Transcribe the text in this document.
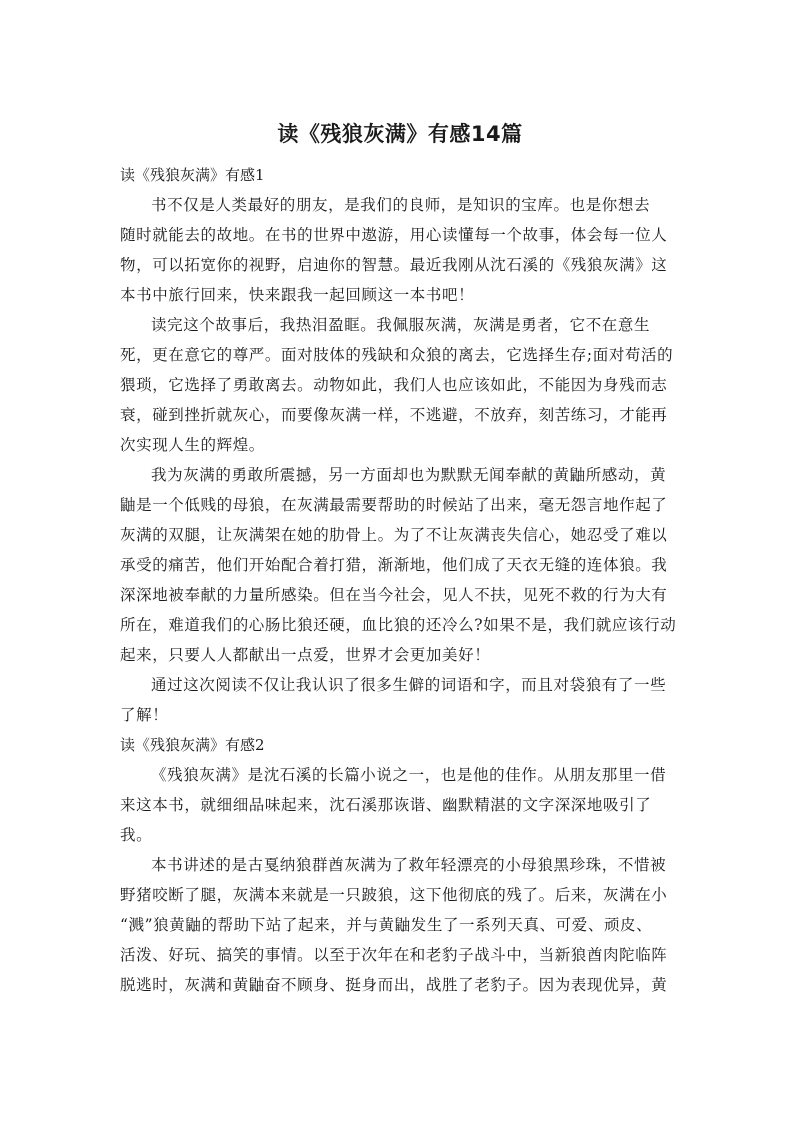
读《残狼灰满》有感14篇

读《残狼灰满》有感1

书不仅是人类最好的朋友，是我们的良师，是知识的宝库。也是你想去
随时就能去的故地。在书的世界中遨游，用心读懂每一个故事，体会每一位人
物，可以拓宽你的视野，启迪你的智慧。最近我刚从沈石溪的《残狼灰满》这
本书中旅行回来，快来跟我一起回顾这一本书吧！
读完这个故事后，我热泪盈眶。我佩服灰满，灰满是勇者，它不在意生
死，更在意它的尊严。面对肢体的残缺和众狼的离去，它选择生存;面对苟活的
猥琐，它选择了勇敢离去。动物如此，我们人也应该如此，不能因为身残而志
衰，碰到挫折就灰心，而要像灰满一样，不逃避，不放弃，刻苦练习，才能再
次实现人生的辉煌。
我为灰满的勇敢所震撼，另一方面却也为默默无闻奉献的黄鼬所感动，黄
鼬是一个低贱的母狼，在灰满最需要帮助的时候站了出来，毫无怨言地作起了
灰满的双腿，让灰满架在她的肋骨上。为了不让灰满丧失信心，她忍受了难以
承受的痛苦，他们开始配合着打猎，渐渐地，他们成了天衣无缝的连体狼。我
深深地被奉献的力量所感染。但在当今社会，见人不扶，见死不救的行为大有
所在，难道我们的心肠比狼还硬，血比狼的还冷么?如果不是，我们就应该行动
起来，只要人人都献出一点爱，世界才会更加美好！
通过这次阅读不仅让我认识了很多生僻的词语和字，而且对袋狼有了一些
了解！

读《残狼灰满》有感2

《残狼灰满》是沈石溪的长篇小说之一，也是他的佳作。从朋友那里一借
来这本书，就细细品味起来，沈石溪那诙谐、幽默精湛的文字深深地吸引了
我。
本书讲述的是古戛纳狼群酋灰满为了救年轻漂亮的小母狼黑珍珠，不惜被
野猪咬断了腿，灰满本来就是一只跛狼，这下他彻底的残了。后来，灰满在小
“溅”狼黄鼬的帮助下站了起来，并与黄鼬发生了一系列天真、可爱、顽皮、
活泼、好玩、搞笑的事情。以至于次年在和老豹子战斗中，当新狼酋肉陀临阵
脱逃时，灰满和黄鼬奋不顾身、挺身而出，战胜了老豹子。因为表现优异，黄
